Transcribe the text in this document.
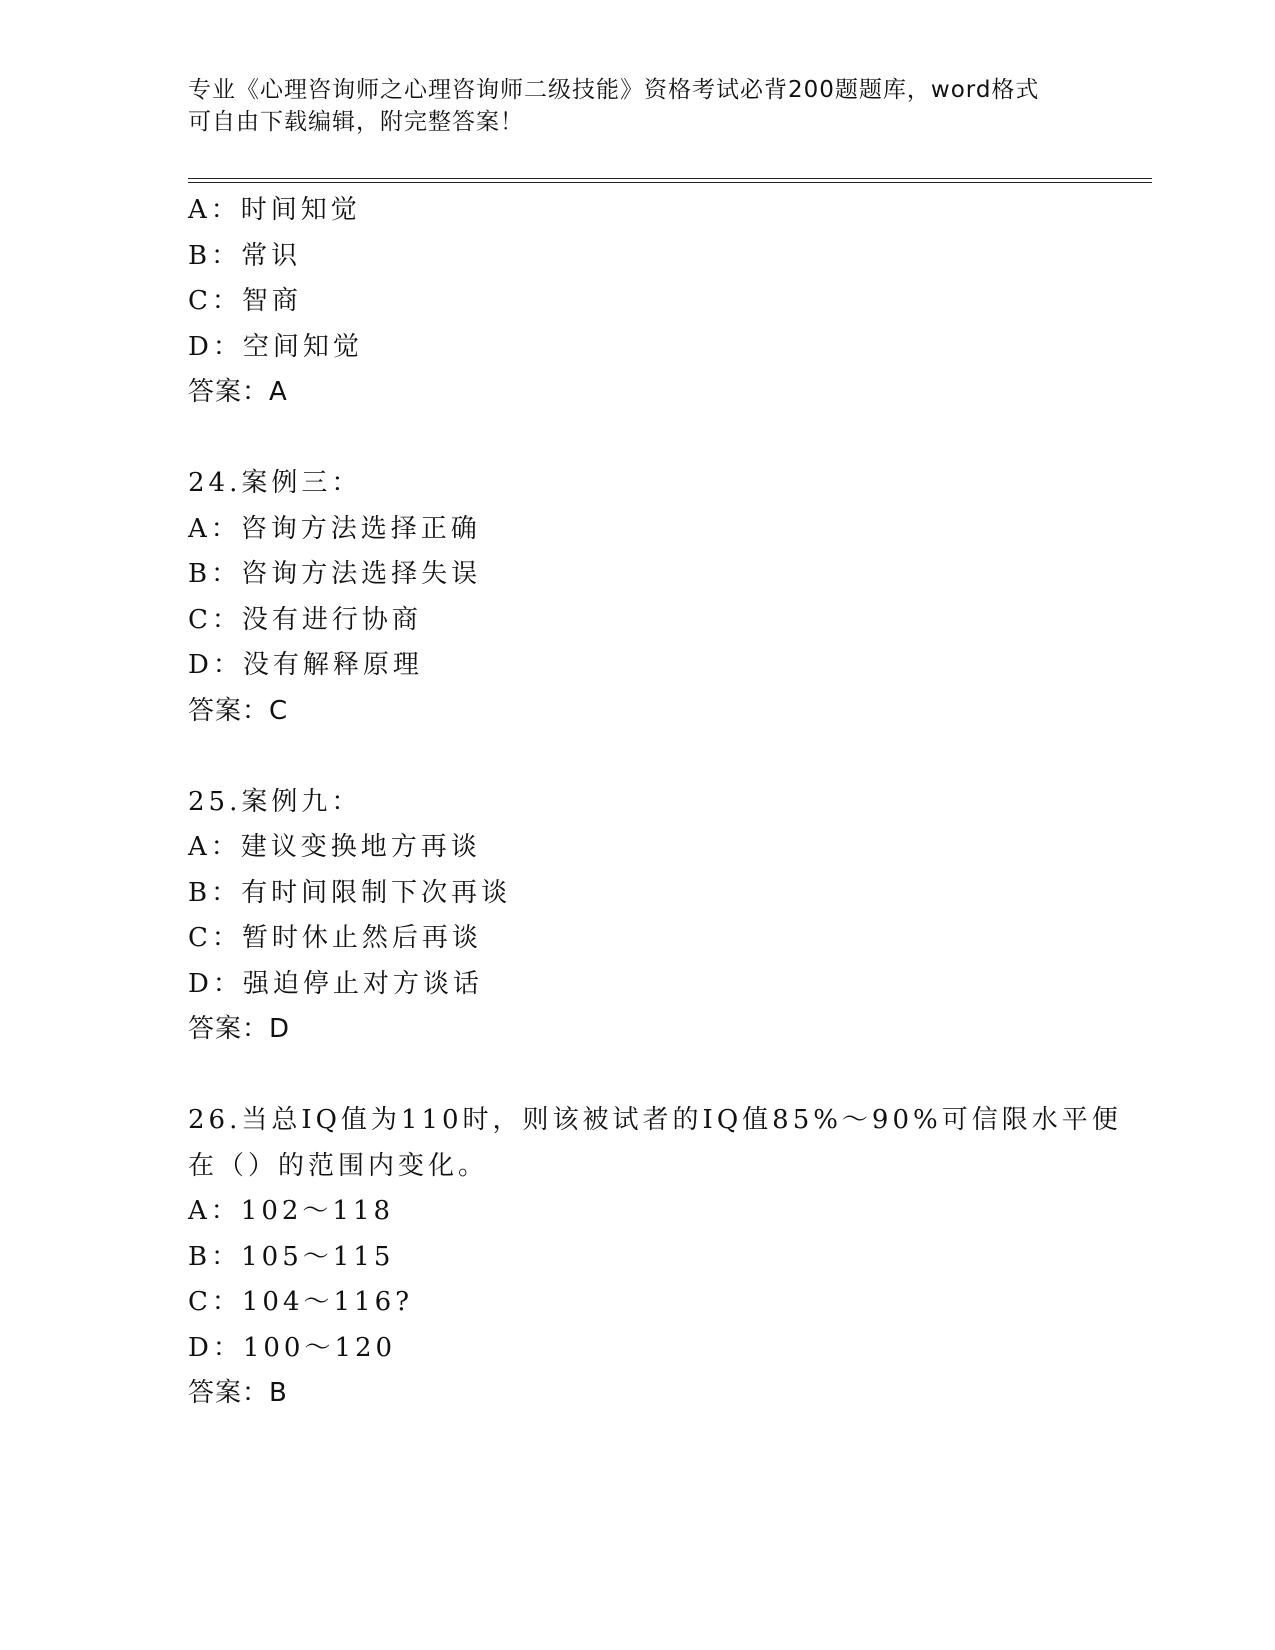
专业《心理咨询师之心理咨询师二级技能》资格考试必背200题题库，word格式
可自由下载编辑，附完整答案！
A：时间知觉
B：常识
C：智商
D：空间知觉
答案：A
24.案例三：
A：咨询方法选择正确
B：咨询方法选择失误
C：没有进行协商
D：没有解释原理
答案：C
25.案例九：
A：建议变换地方再谈
B：有时间限制下次再谈
C：暂时休止然后再谈
D：强迫停止对方谈话
答案：D
26.当总IQ值为110时，则该被试者的IQ值85%～90%可信限水平便
在（）的范围内变化。
A：102～118
B：105～115
C：104～116?
D：100～120
答案：B
